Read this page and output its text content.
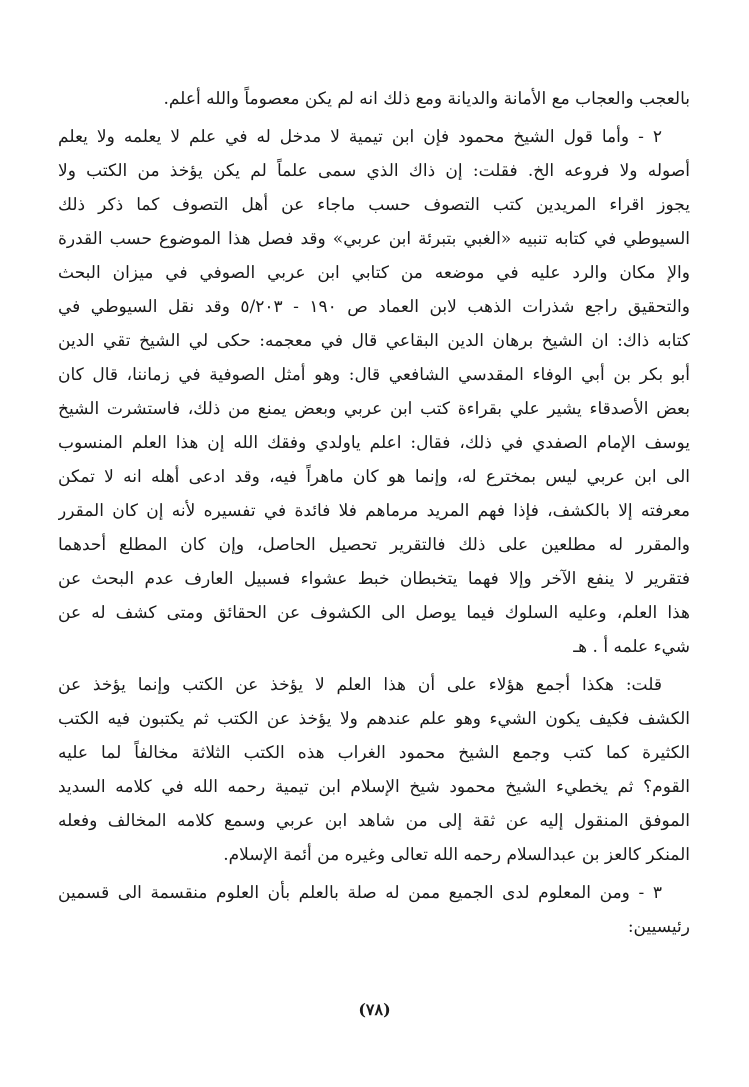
بالعجب والعجاب مع الأمانة والديانة ومع ذلك انه لم يكن معصوماً والله أعلم.
٢ - وأما قول الشيخ محمود فإن ابن تيمية لا مدخل له في علم لا يعلمه ولا يعلم
أصوله ولا فروعه الخ. فقلت: إن ذاك الذي سمى علماً لم يكن يؤخذ من الكتب ولا
يجوز اقراء المريدين كتب التصوف حسب ماجاء عن أهل التصوف كما ذكر ذلك
السيوطي في كتابه تنبيه «الغبي بتبرئة ابن عربي» وقد فصل هذا الموضوع حسب القدرة
والإ مكان والرد عليه في موضعه من كتابي ابن عربي الصوفي في ميزان البحث
والتحقيق راجع شذرات الذهب لابن العماد ص ١٩٠ - ٥/٢٠٣ وقد نقل السيوطي في
كتابه ذاك: ان الشيخ برهان الدين البقاعي قال في معجمه: حكى لي الشيخ تقي الدين
أبو بكر بن أبي الوفاء المقدسي الشافعي قال: وهو أمثل الصوفية في زماننا، قال كان
بعض الأصدقاء يشير علي بقراءة كتب ابن عربي وبعض يمنع من ذلك، فاستشرت الشيخ
يوسف الإمام الصفدي في ذلك، فقال: اعلم ياولدي وفقك الله إن هذا العلم المنسوب
الى ابن عربي ليس بمخترع له، وإنما هو كان ماهراً فيه، وقد ادعى أهله انه لا تمكن
معرفته إلا بالكشف، فإذا فهم المريد مرماهم فلا فائدة في تفسيره لأنه إن كان المقرر
والمقرر له مطلعين على ذلك فالتقرير تحصيل الحاصل، وإن كان المطلع أحدهما
فتقرير لا ينفع الآخر وإلا فهما يتخبطان خبط عشواء فسبيل العارف عدم البحث عن
هذا العلم، وعليه السلوك فيما يوصل الى الكشوف عن الحقائق ومتى كشف له عن
شيء علمه أ . هـ
قلت: هكذا أجمع هؤلاء على أن هذا العلم لا يؤخذ عن الكتب وإنما يؤخذ عن
الكشف فكيف يكون الشيء وهو علم عندهم ولا يؤخذ عن الكتب ثم يكتبون فيه الكتب
الكثيرة كما كتب وجمع الشيخ محمود الغراب هذه الكتب الثلاثة مخالفاً لما عليه
القوم؟ ثم يخطيء الشيخ محمود شيخ الإسلام ابن تيمية رحمه الله في كلامه السديد
الموفق المنقول إليه عن ثقة إلى من شاهد ابن عربي وسمع كلامه المخالف وفعله
المنكر كالعز بن عبدالسلام رحمه الله تعالى وغيره من أئمة الإسلام.
٣ - ومن المعلوم لدى الجميع ممن له صلة بالعلم بأن العلوم منقسمة الى قسمين
رئيسيين:
(٧٨)
